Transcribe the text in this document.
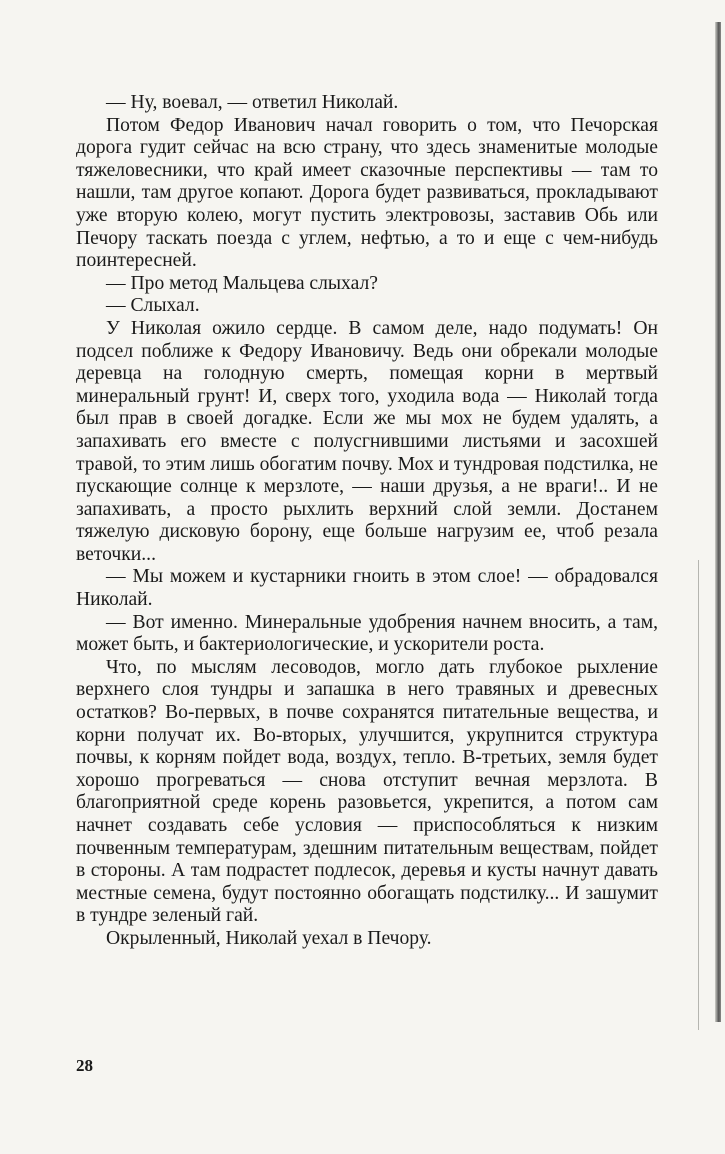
— Ну, воевал, — ответил Николай.

Потом Федор Иванович начал говорить о том, что Печорская дорога гудит сейчас на всю страну, что здесь знаменитые молодые тяжеловесники, что край имеет сказочные перспективы — там то нашли, там другое копают. Дорога будет развиваться, прокладывают уже вторую колею, могут пустить электровозы, заставив Обь или Печору таскать поезда с углем, нефтью, а то и еще с чем-нибудь поинтересней.

— Про метод Мальцева слыхал?

— Слыхал.

У Николая ожило сердце. В самом деле, надо подумать! Он подсел поближе к Федору Ивановичу. Ведь они обрекали молодые деревца на голодную смерть, помещая корни в мертвый минеральный грунт! И, сверх того, уходила вода — Николай тогда был прав в своей догадке. Если же мы мох не будем удалять, а запахивать его вместе с полусгнившими листьями и засохшей травой, то этим лишь обогатим почву. Мох и тундровая подстилка, не пускающие солнце к мерзлоте, — наши друзья, а не враги!.. И не запахивать, а просто рыхлить верхний слой земли. Достанем тяжелую дисковую борону, еще больше нагрузим ее, чтоб резала веточки...

— Мы можем и кустарники гноить в этом слое! — обрадовался Николай.

— Вот именно. Минеральные удобрения начнем вносить, а там, может быть, и бактериологические, и ускорители роста.

Что, по мыслям лесоводов, могло дать глубокое рыхление верхнего слоя тундры и запашка в него травяных и древесных остатков? Во-первых, в почве сохранятся питательные вещества, и корни получат их. Во-вторых, улучшится, укрупнится структура почвы, к корням пойдет вода, воздух, тепло. В-третьих, земля будет хорошо прогреваться — снова отступит вечная мерзлота. В благоприятной среде корень разовьется, укрепится, а потом сам начнет создавать себе условия — приспособляться к низким почвенным температурам, здешним питательным веществам, пойдет в стороны. А там подрастет подлесок, деревья и кусты начнут давать местные семена, будут постоянно обогащать подстилку... И зашумит в тундре зеленый гай.

Окрыленный, Николай уехал в Печору.

28
